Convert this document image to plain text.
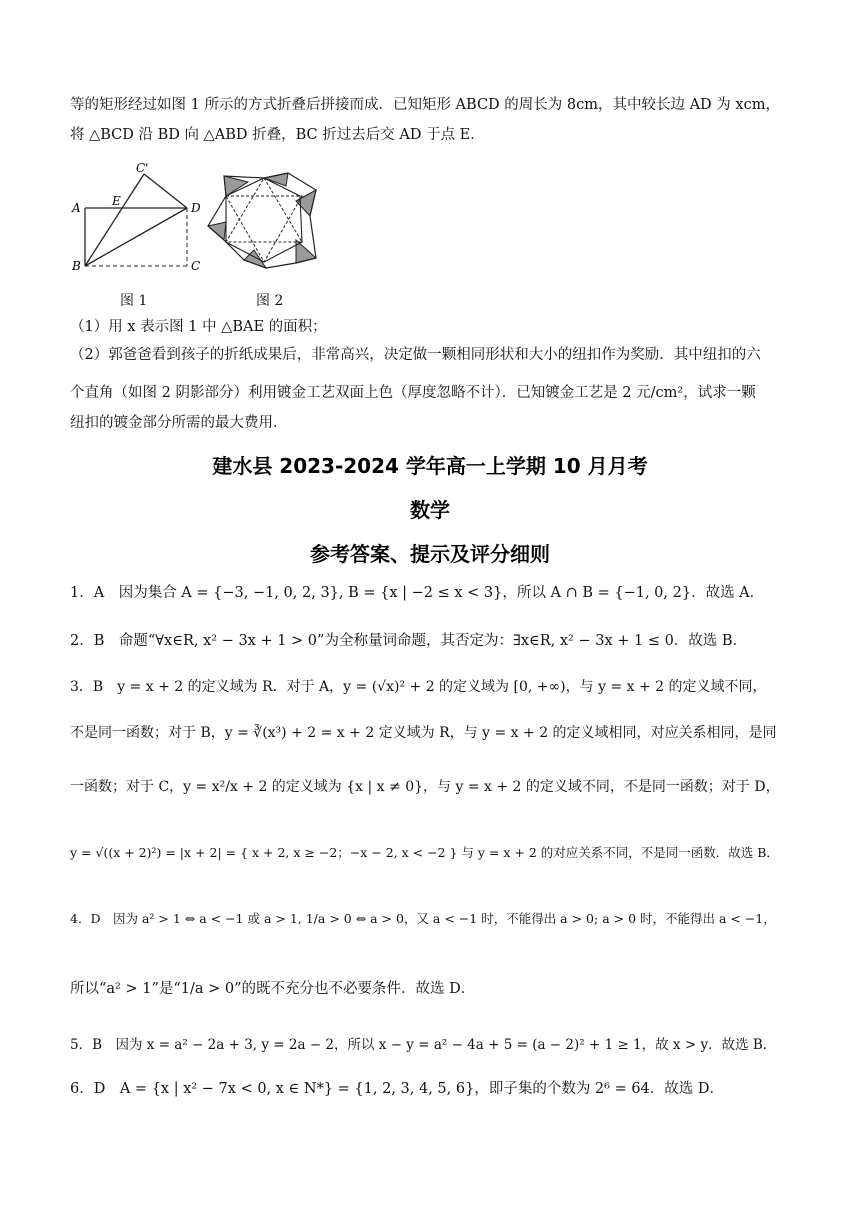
等的矩形经过如图 1 所示的方式折叠后拼接而成．已知矩形 ABCD 的周长为 8cm，其中较长边 AD 为 xcm，
将 △BCD 沿 BD 向 △ABD 折叠，BC 折过去后交 AD 于点 E．
A
B	C
D
E
C'
图 1	图 2
（1）用 x 表示图 1 中 △BAE 的面积；
（2）郭爸爸看到孩子的折纸成果后，非常高兴，决定做一颗相同形状和大小的纽扣作为奖励．其中纽扣的六
个直角（如图 2 阴影部分）利用镀金工艺双面上色（厚度忽略不计）．已知镀金工艺是 2 元/cm²，试求一颗
纽扣的镀金部分所需的最大费用．
建水县 2023-2024 学年高一上学期 10 月月考
数学
参考答案、提示及评分细则
1．A　因为集合 A = {−3, −1, 0, 2, 3}, B = {x | −2 ≤ x < 3}，所以 A ∩ B = {−1, 0, 2}．故选 A．
2．B　命题“∀x∈R, x² − 3x + 1 > 0”为全称量词命题，其否定为：∃x∈R, x² − 3x + 1 ≤ 0．故选 B．
3．B　y = x + 2 的定义域为 R．对于 A，y = (√x)² + 2 的定义域为 [0, +∞)，与 y = x + 2 的定义域不同，
不是同一函数；对于 B，y = ∛(x³) + 2 = x + 2 定义域为 R，与 y = x + 2 的定义域相同，对应关系相同，是同
一函数；对于 C，y = x²/x + 2 的定义域为 {x | x ≠ 0}，与 y = x + 2 的定义域不同，不是同一函数；对于 D，
y = √((x + 2)²) = |x + 2| = { x + 2, x ≥ −2；−x − 2, x < −2 } 与 y = x + 2 的对应关系不同，不是同一函数．故选 B．
4．D　因为 a² > 1 ⇔ a < −1 或 a > 1, 1/a > 0 ⇔ a > 0，又 a < −1 时，不能得出 a > 0; a > 0 时，不能得出 a < −1，
所以“a² > 1”是“1/a > 0”的既不充分也不必要条件．故选 D．
5．B　因为 x = a² − 2a + 3, y = 2a − 2，所以 x − y = a² − 4a + 5 = (a − 2)² + 1 ≥ 1，故 x > y．故选 B．
6．D　A = {x | x² − 7x < 0, x ∈ N*} = {1, 2, 3, 4, 5, 6}，即子集的个数为 2⁶ = 64．故选 D．
